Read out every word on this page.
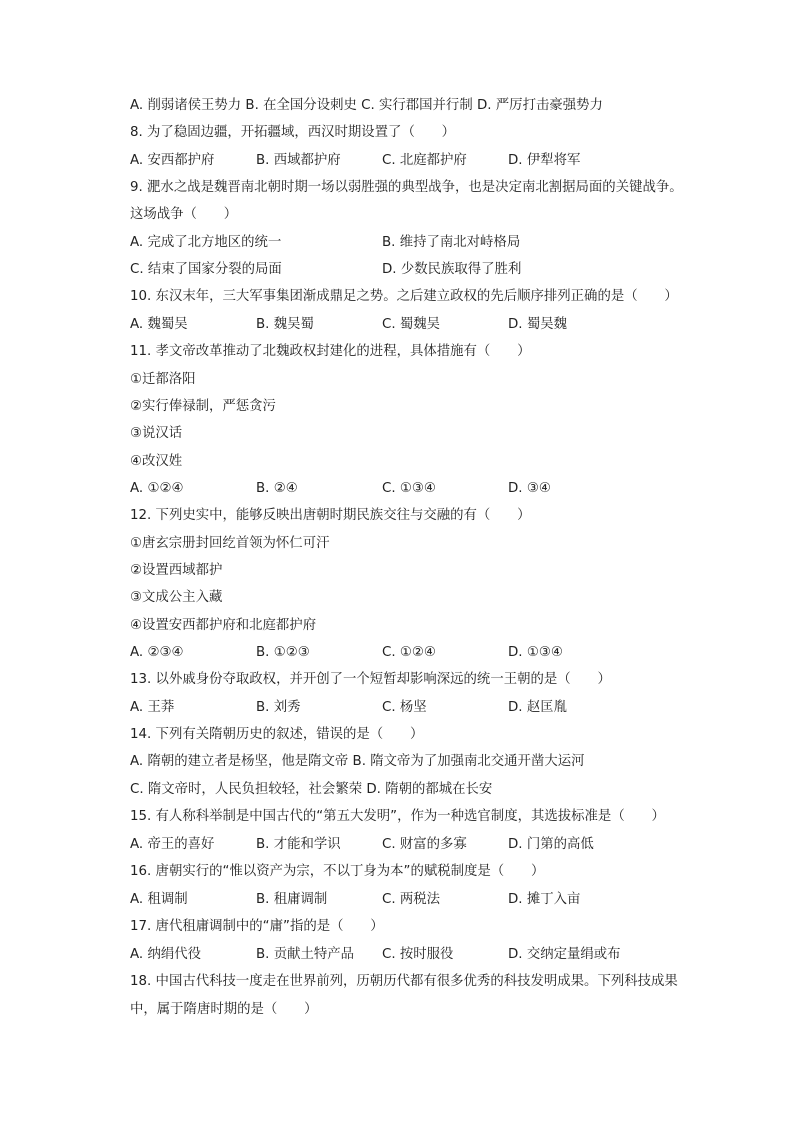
A. 削弱诸侯王势力 B. 在全国分设刺史 C. 实行郡国并行制 D. 严厉打击豪强势力
8. 为了稳固边疆，开拓疆域，西汉时期设置了（　　）
A. 安西都护府	B. 西域都护府	C. 北庭都护府	D. 伊犁将军
9. 淝水之战是魏晋南北朝时期一场以弱胜强的典型战争，也是决定南北割据局面的关键战争。
这场战争（　　）
A. 完成了北方地区的统一	B. 维持了南北对峙格局
C. 结束了国家分裂的局面	D. 少数民族取得了胜利
10. 东汉末年，三大军事集团渐成鼎足之势。之后建立政权的先后顺序排列正确的是（　　）
A. 魏蜀吴	B. 魏吴蜀	C. 蜀魏吴	D. 蜀吴魏
11. 孝文帝改革推动了北魏政权封建化的进程，具体措施有（　　）
①迁都洛阳
②实行俸禄制，严惩贪污
③说汉话
④改汉姓
A. ①②④	B. ②④	C. ①③④	D. ③④
12. 下列史实中，能够反映出唐朝时期民族交往与交融的有（　　）
①唐玄宗册封回纥首领为怀仁可汗
②设置西域都护
③文成公主入藏
④设置安西都护府和北庭都护府
A. ②③④	B. ①②③	C. ①②④	D. ①③④
13. 以外戚身份夺取政权，并开创了一个短暂却影响深远的统一王朝的是（　　）
A. 王莽	B. 刘秀	C. 杨坚	D. 赵匡胤
14. 下列有关隋朝历史的叙述，错误的是（　　）
A. 隋朝的建立者是杨坚，他是隋文帝 B. 隋文帝为了加强南北交通开凿大运河
C. 隋文帝时，人民负担较轻，社会繁荣 D. 隋朝的都城在长安
15. 有人称科举制是中国古代的“第五大发明”，作为一种选官制度，其选拔标准是（　　）
A. 帝王的喜好	B. 才能和学识	C. 财富的多寡	D. 门第的高低
16. 唐朝实行的“惟以资产为宗，不以丁身为本”的赋税制度是（　　）
A. 租调制	B. 租庸调制	C. 两税法	D. 摊丁入亩
17. 唐代租庸调制中的“庸”指的是（　　）
A. 纳绢代役	B. 贡献土特产品 C. 按时服役	D. 交纳定量绢或布
18. 中国古代科技一度走在世界前列，历朝历代都有很多优秀的科技发明成果。下列科技成果
中，属于隋唐时期的是（　　）
